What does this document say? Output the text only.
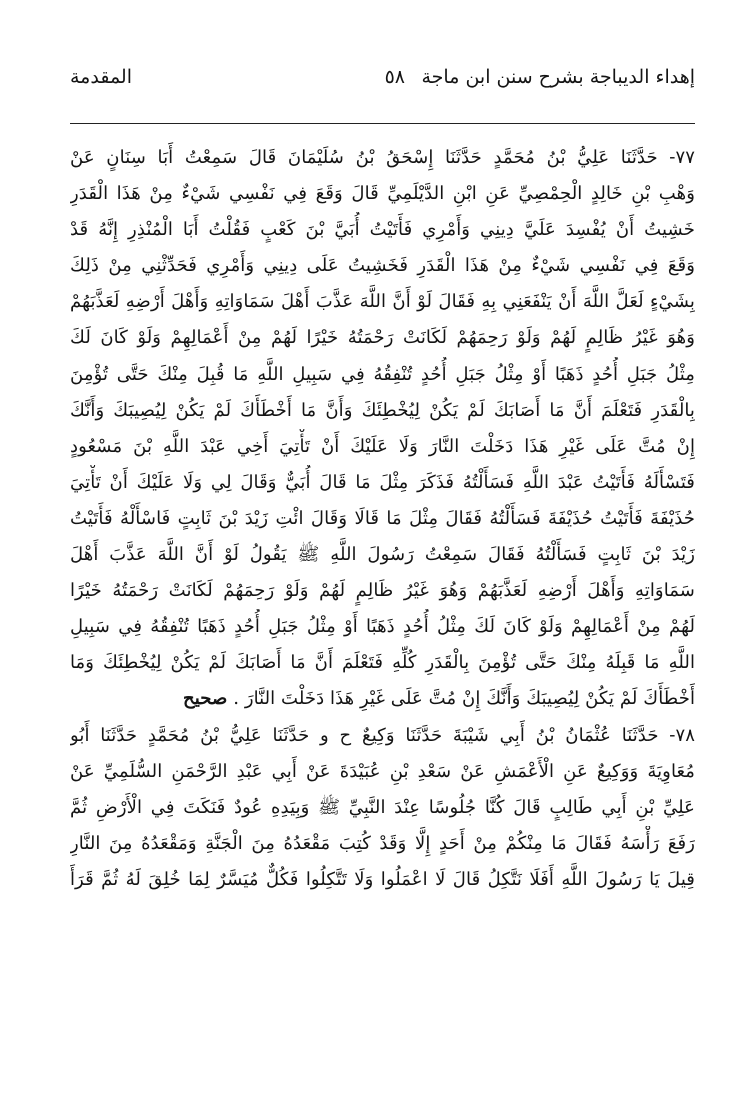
إهداء الديباجة بشرح سنن ابن ماجة
٥٨
المقدمة
٧٧- حَدَّثَنَا عَلِيُّ بْنُ مُحَمَّدٍ حَدَّثَنَا إِسْحَقُ بْنُ سُلَيْمَانَ قَالَ سَمِعْتُ أَبَا سِنَانٍ عَنْ
وَهْبِ بْنِ خَالِدٍ الْحِمْصِيِّ عَنِ ابْنِ الدَّيْلَمِيِّ قَالَ وَقَعَ فِي نَفْسِي شَيْءٌ مِنْ هَذَا الْقَدَرِ
خَشِيتُ أَنْ يُفْسِدَ عَلَيَّ دِينِي وَأَمْرِي فَأَتَيْتُ أُبَيَّ بْنَ كَعْبٍ فَقُلْتُ أَبَا الْمُنْذِرِ إِنَّهُ قَدْ
وَقَعَ فِي نَفْسِي شَيْءٌ مِنْ هَذَا الْقَدَرِ فَخَشِيتُ عَلَى دِينِي وَأَمْرِي فَحَدِّثْنِي مِنْ ذَلِكَ
بِشَيْءٍ لَعَلَّ اللَّهَ أَنْ يَنْفَعَنِي بِهِ فَقَالَ لَوْ أَنَّ اللَّهَ عَذَّبَ أَهْلَ سَمَاوَاتِهِ وَأَهْلَ أَرْضِهِ لَعَذَّبَهُمْ
وَهُوَ غَيْرُ ظَالِمٍ لَهُمْ وَلَوْ رَحِمَهُمْ لَكَانَتْ رَحْمَتُهُ خَيْرًا لَهُمْ مِنْ أَعْمَالِهِمْ وَلَوْ كَانَ لَكَ
مِثْلُ جَبَلِ أُحُدٍ ذَهَبًا أَوْ مِثْلُ جَبَلِ أُحُدٍ تُنْفِقُهُ فِي سَبِيلِ اللَّهِ مَا قُبِلَ مِنْكَ حَتَّى تُؤْمِنَ
بِالْقَدَرِ فَتَعْلَمَ أَنَّ مَا أَصَابَكَ لَمْ يَكُنْ لِيُخْطِئَكَ وَأَنَّ مَا أَخْطَأَكَ لَمْ يَكُنْ لِيُصِيبَكَ وَأَنَّكَ
إِنْ مُتَّ عَلَى غَيْرِ هَذَا دَخَلْتَ النَّارَ وَلَا عَلَيْكَ أَنْ تَأْتِيَ أَخِي عَبْدَ اللَّهِ بْنَ مَسْعُودٍ
فَتَسْأَلَهُ فَأَتَيْتُ عَبْدَ اللَّهِ فَسَأَلْتُهُ فَذَكَرَ مِثْلَ مَا قَالَ أُبَيٌّ وَقَالَ لِي وَلَا عَلَيْكَ أَنْ تَأْتِيَ
حُذَيْفَةَ فَأَتَيْتُ حُذَيْفَةَ فَسَأَلْتُهُ فَقَالَ مِثْلَ مَا قَالَا وَقَالَ ائْتِ زَيْدَ بْنَ ثَابِتٍ فَاسْأَلْهُ فَأَتَيْتُ
زَيْدَ بْنَ ثَابِتٍ فَسَأَلْتُهُ فَقَالَ سَمِعْتُ رَسُولَ اللَّهِ ﷺ يَقُولُ لَوْ أَنَّ اللَّهَ عَذَّبَ أَهْلَ
سَمَاوَاتِهِ وَأَهْلَ أَرْضِهِ لَعَذَّبَهُمْ وَهُوَ غَيْرُ ظَالِمٍ لَهُمْ وَلَوْ رَحِمَهُمْ لَكَانَتْ رَحْمَتُهُ خَيْرًا
لَهُمْ مِنْ أَعْمَالِهِمْ وَلَوْ كَانَ لَكَ مِثْلُ أُحُدٍ ذَهَبًا أَوْ مِثْلُ جَبَلِ أُحُدٍ ذَهَبًا تُنْفِقُهُ فِي سَبِيلِ
اللَّهِ مَا قَبِلَهُ مِنْكَ حَتَّى تُؤْمِنَ بِالْقَدَرِ كُلِّهِ فَتَعْلَمَ أَنَّ مَا أَصَابَكَ لَمْ يَكُنْ لِيُخْطِئَكَ وَمَا
أَخْطَأَكَ لَمْ يَكُنْ لِيُصِيبَكَ وَأَنَّكَ إِنْ مُتَّ عَلَى غَيْرِ هَذَا دَخَلْتَ النَّارَ . صحيح
٧٨- حَدَّثَنَا عُثْمَانُ بْنُ أَبِي شَيْبَةَ حَدَّثَنَا وَكِيعٌ ح و حَدَّثَنَا عَلِيُّ بْنُ مُحَمَّدٍ حَدَّثَنَا أَبُو
مُعَاوِيَةَ وَوَكِيعٌ عَنِ الْأَعْمَشِ عَنْ سَعْدِ بْنِ عُبَيْدَةَ عَنْ أَبِي عَبْدِ الرَّحْمَنِ السُّلَمِيِّ عَنْ
عَلِيِّ بْنِ أَبِي طَالِبٍ قَالَ كُنَّا جُلُوسًا عِنْدَ النَّبِيِّ ﷺ وَبِيَدِهِ عُودٌ فَنَكَتَ فِي الْأَرْضِ ثُمَّ
رَفَعَ رَأْسَهُ فَقَالَ مَا مِنْكُمْ مِنْ أَحَدٍ إِلَّا وَقَدْ كُتِبَ مَقْعَدُهُ مِنَ الْجَنَّةِ وَمَقْعَدُهُ مِنَ النَّارِ
قِيلَ يَا رَسُولَ اللَّهِ أَفَلَا نَتَّكِلُ قَالَ لَا اعْمَلُوا وَلَا تَتَّكِلُوا فَكُلٌّ مُيَسَّرٌ لِمَا خُلِقَ لَهُ ثُمَّ قَرَأَ
